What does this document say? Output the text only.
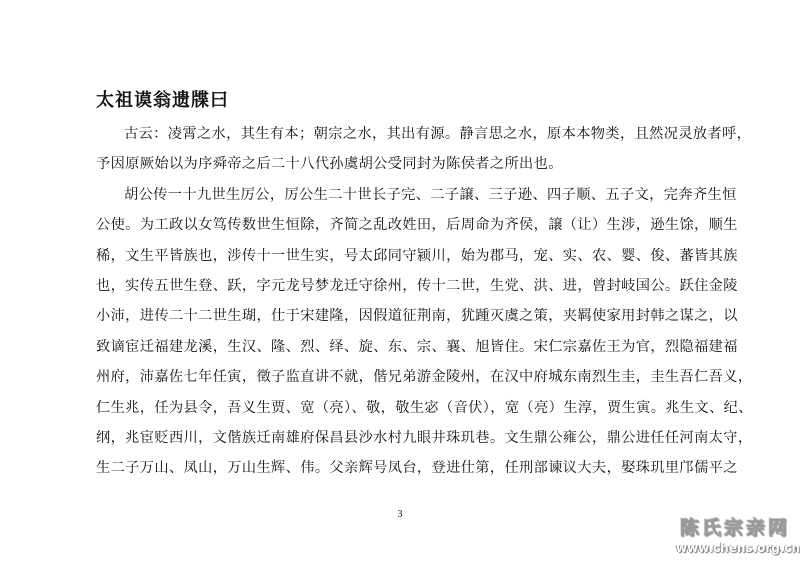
太祖谟翁遗牒曰
古云：凌霄之水，其生有本；朝宗之水，其出有源。静言思之水，原本本物类，且然况灵放者呼，
予因原厥始以为序舜帝之后二十八代孙虞胡公受同封为陈侯者之所出也。
胡公传一十九世生厉公，厉公生二十世长子完、二子譲、三子逊、四子顺、五子文，完奔齐生恒
公使。为工政以女笃传数世生恒除，齐简之乱改姓田，后周命为齐侯，譲（让）生涉，逊生馀，顺生
稀，文生平皆族也，涉传十一世生实，号太邱同守颍川，始为郡马，宠、实、农、婴、俊、蕃皆其族
也，实传五世生登、跃，字元龙号梦龙迁守徐州，传十二世，生党、洪、进，曾封岐国公。跃住金陵
小沛，进传二十二世生瑚，仕于宋建隆，因假道征荆南，犹踵灭虞之策，夹羁使家用封韩之谋之，以
致谪宦迁福建龙溪，生汉、隆、烈、绎、旋、东、宗、襄、旭皆住。宋仁宗嘉佐王为官，烈隐福建福
州府，沛嘉佐七年任寅，徵子监直讲不就，偕兄弟游金陵州，在汉中府城东南烈生圭，圭生吾仁吾义，
仁生兆，任为县令，吾义生贾、宽（亮）、敬，敬生宓（音伏），宽（亮）生淳，贾生寅。兆生文、纪、
纲，兆宦贬西川，文偕族迁南雄府保昌县沙水村九眼井珠玑巷。文生鼎公雍公，鼎公进任任河南太守，
生二子万山、凤山，万山生辉、伟。父亲辉号凤台，登进仕第，任刑部谏议大夫，娶珠玑里邝儒平之
3
陈氏宗亲网
www.chens.org.cn
